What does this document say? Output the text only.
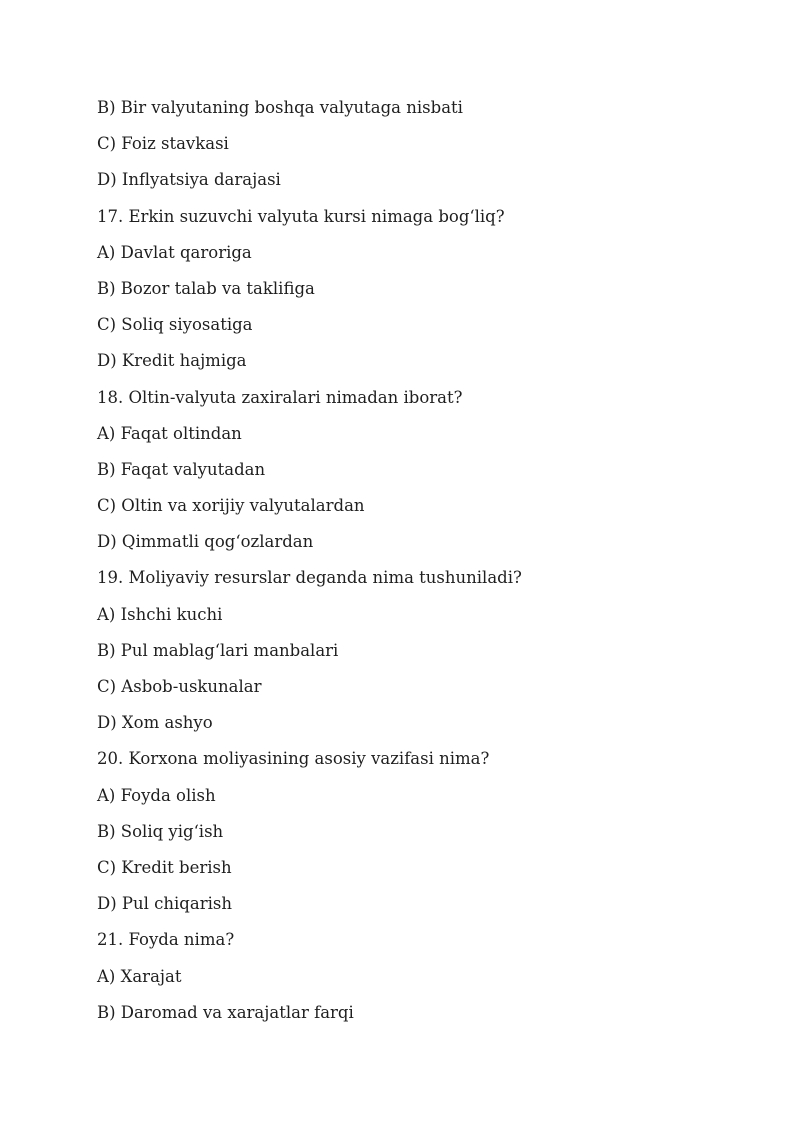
B) Bir valyutaning boshqa valyutaga nisbati
C) Foiz stavkasi
D) Inflyatsiya darajasi
17. Erkin suzuvchi valyuta kursi nimaga bog‘liq?
A) Davlat qaroriga
B) Bozor talab va taklifiga
C) Soliq siyosatiga
D) Kredit hajmiga
18. Oltin-valyuta zaxiralari nimadan iborat?
A) Faqat oltindan
B) Faqat valyutadan
C) Oltin va xorijiy valyutalardan
D) Qimmatli qog‘ozlardan
19. Moliyaviy resurslar deganda nima tushuniladi?
A) Ishchi kuchi
B) Pul mablag‘lari manbalari
C) Asbob-uskunalar
D) Xom ashyo
20. Korxona moliyasining asosiy vazifasi nima?
A) Foyda olish
B) Soliq yig‘ish
C) Kredit berish
D) Pul chiqarish
21. Foyda nima?
A) Xarajat
B) Daromad va xarajatlar farqi
